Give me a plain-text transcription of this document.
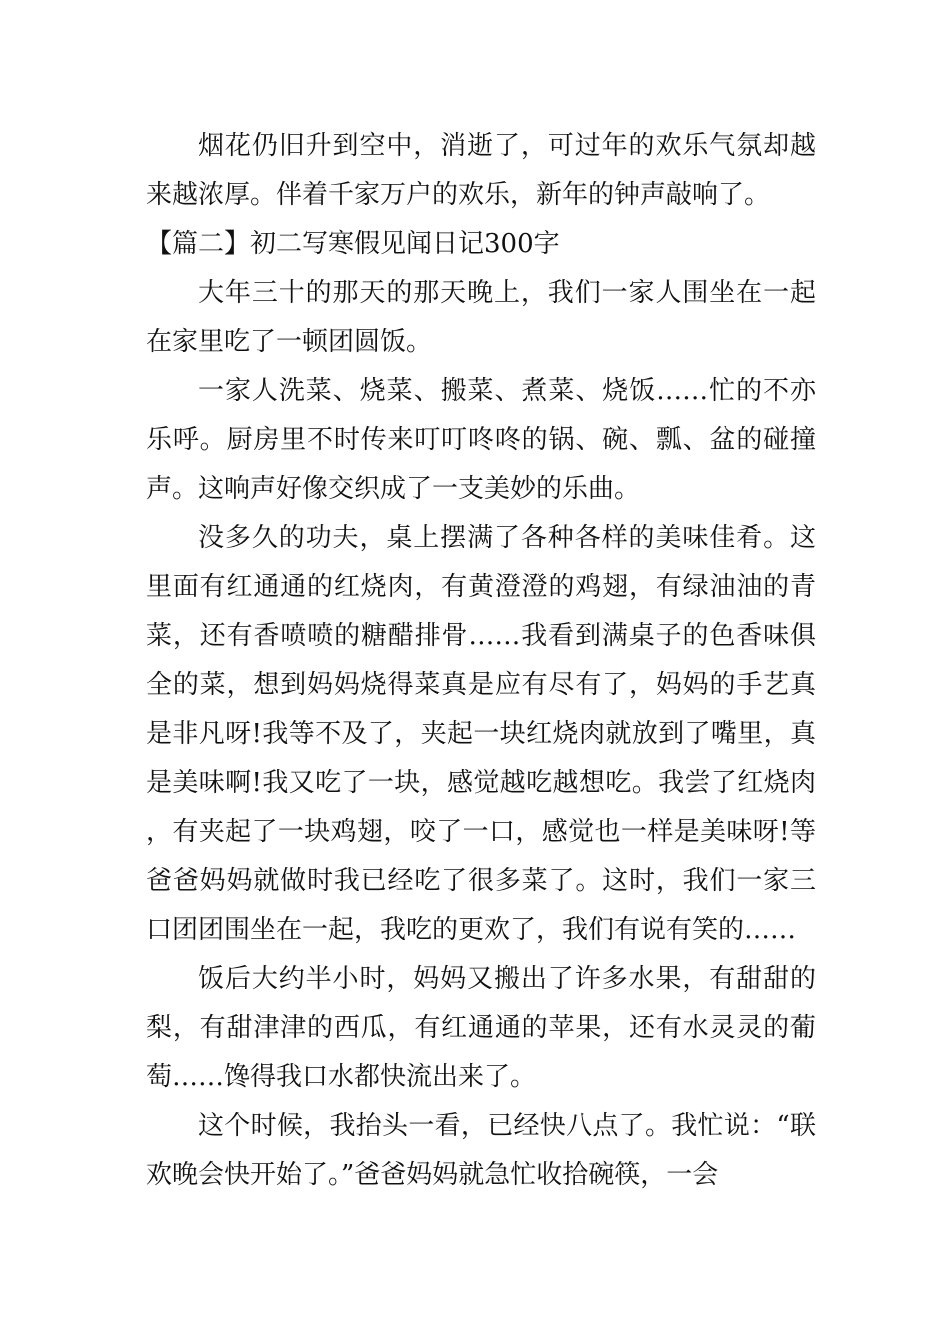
烟花仍旧升到空中，消逝了，可过年的欢乐气氛却越来越浓厚。伴着千家万户的欢乐，新年的钟声敲响了。

【篇二】初二写寒假见闻日记300字

大年三十的那天的那天晚上，我们一家人围坐在一起在家里吃了一顿团圆饭。

一家人洗菜、烧菜、搬菜、煮菜、烧饭……忙的不亦乐呼。厨房里不时传来叮叮咚咚的锅、碗、瓢、盆的碰撞声。这响声好像交织成了一支美妙的乐曲。

没多久的功夫，桌上摆满了各种各样的美味佳肴。这里面有红通通的红烧肉，有黄澄澄的鸡翅，有绿油油的青菜，还有香喷喷的糖醋排骨……我看到满桌子的色香味俱全的菜，想到妈妈烧得菜真是应有尽有了，妈妈的手艺真是非凡呀!我等不及了，夹起一块红烧肉就放到了嘴里，真是美味啊!我又吃了一块，感觉越吃越想吃。我尝了红烧肉，有夹起了一块鸡翅，咬了一口，感觉也一样是美味呀!等爸爸妈妈就做时我已经吃了很多菜了。这时，我们一家三口团团围坐在一起，我吃的更欢了，我们有说有笑的……

饭后大约半小时，妈妈又搬出了许多水果，有甜甜的梨，有甜津津的西瓜，有红通通的苹果，还有水灵灵的葡萄……馋得我口水都快流出来了。

这个时候，我抬头一看，已经快八点了。我忙说：“联欢晚会快开始了。”爸爸妈妈就急忙收拾碗筷，一会
